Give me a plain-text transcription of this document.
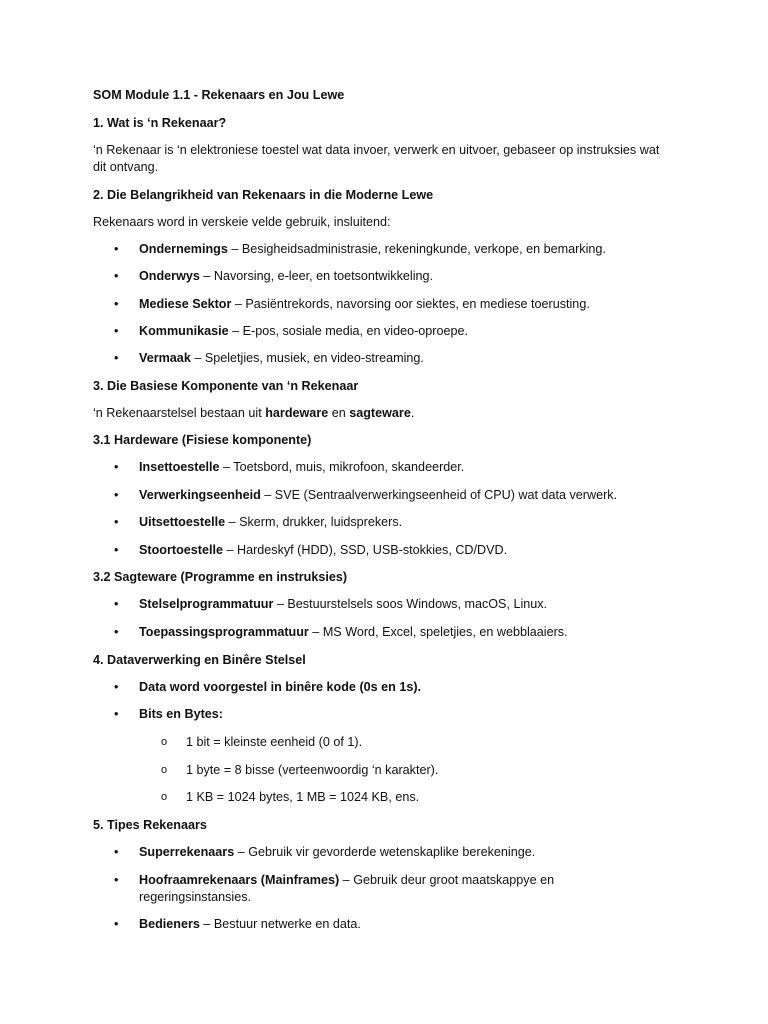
SOM Module 1.1 - Rekenaars en Jou Lewe
1. Wat is ‘n Rekenaar?
‘n Rekenaar is ‘n elektroniese toestel wat data invoer, verwerk en uitvoer, gebaseer op instruksies wat dit ontvang.
2. Die Belangrikheid van Rekenaars in die Moderne Lewe
Rekenaars word in verskeie velde gebruik, insluitend:
• Ondernemings – Besigheidsadministrasie, rekeningkunde, verkope, en bemarking.
• Onderwys – Navorsing, e-leer, en toetsontwikkeling.
• Mediese Sektor – Pasiëntrekords, navorsing oor siektes, en mediese toerusting.
• Kommunikasie – E-pos, sosiale media, en video-oproepe.
• Vermaak – Speletjies, musiek, en video-streaming.
3. Die Basiese Komponente van ‘n Rekenaar
‘n Rekenaarstelsel bestaan uit hardeware en sagteware.
3.1 Hardeware (Fisiese komponente)
• Insettoestelle – Toetsbord, muis, mikrofoon, skandeerder.
• Verwerkingseenheid – SVE (Sentraalverwerkingseenheid of CPU) wat data verwerk.
• Uitsettoestelle – Skerm, drukker, luidsprekers.
• Stoortoestelle – Hardeskyf (HDD), SSD, USB-stokkies, CD/DVD.
3.2 Sagteware (Programme en instruksies)
• Stelselprogrammatuur – Bestuurstelsels soos Windows, macOS, Linux.
• Toepassingsprogrammatuur – MS Word, Excel, speletjies, en webblaaiers.
4. Dataverwerking en Binêre Stelsel
• Data word voorgestel in binêre kode (0s en 1s).
• Bits en Bytes:
o 1 bit = kleinste eenheid (0 of 1).
o 1 byte = 8 bisse (verteenwoordig ‘n karakter).
o 1 KB = 1024 bytes, 1 MB = 1024 KB, ens.
5. Tipes Rekenaars
• Superrekenaars – Gebruik vir gevorderde wetenskaplike berekeninge.
• Hoofraamrekenaars (Mainframes) – Gebruik deur groot maatskappye en regeringsinstansies.
• Bedieners – Bestuur netwerke en data.
